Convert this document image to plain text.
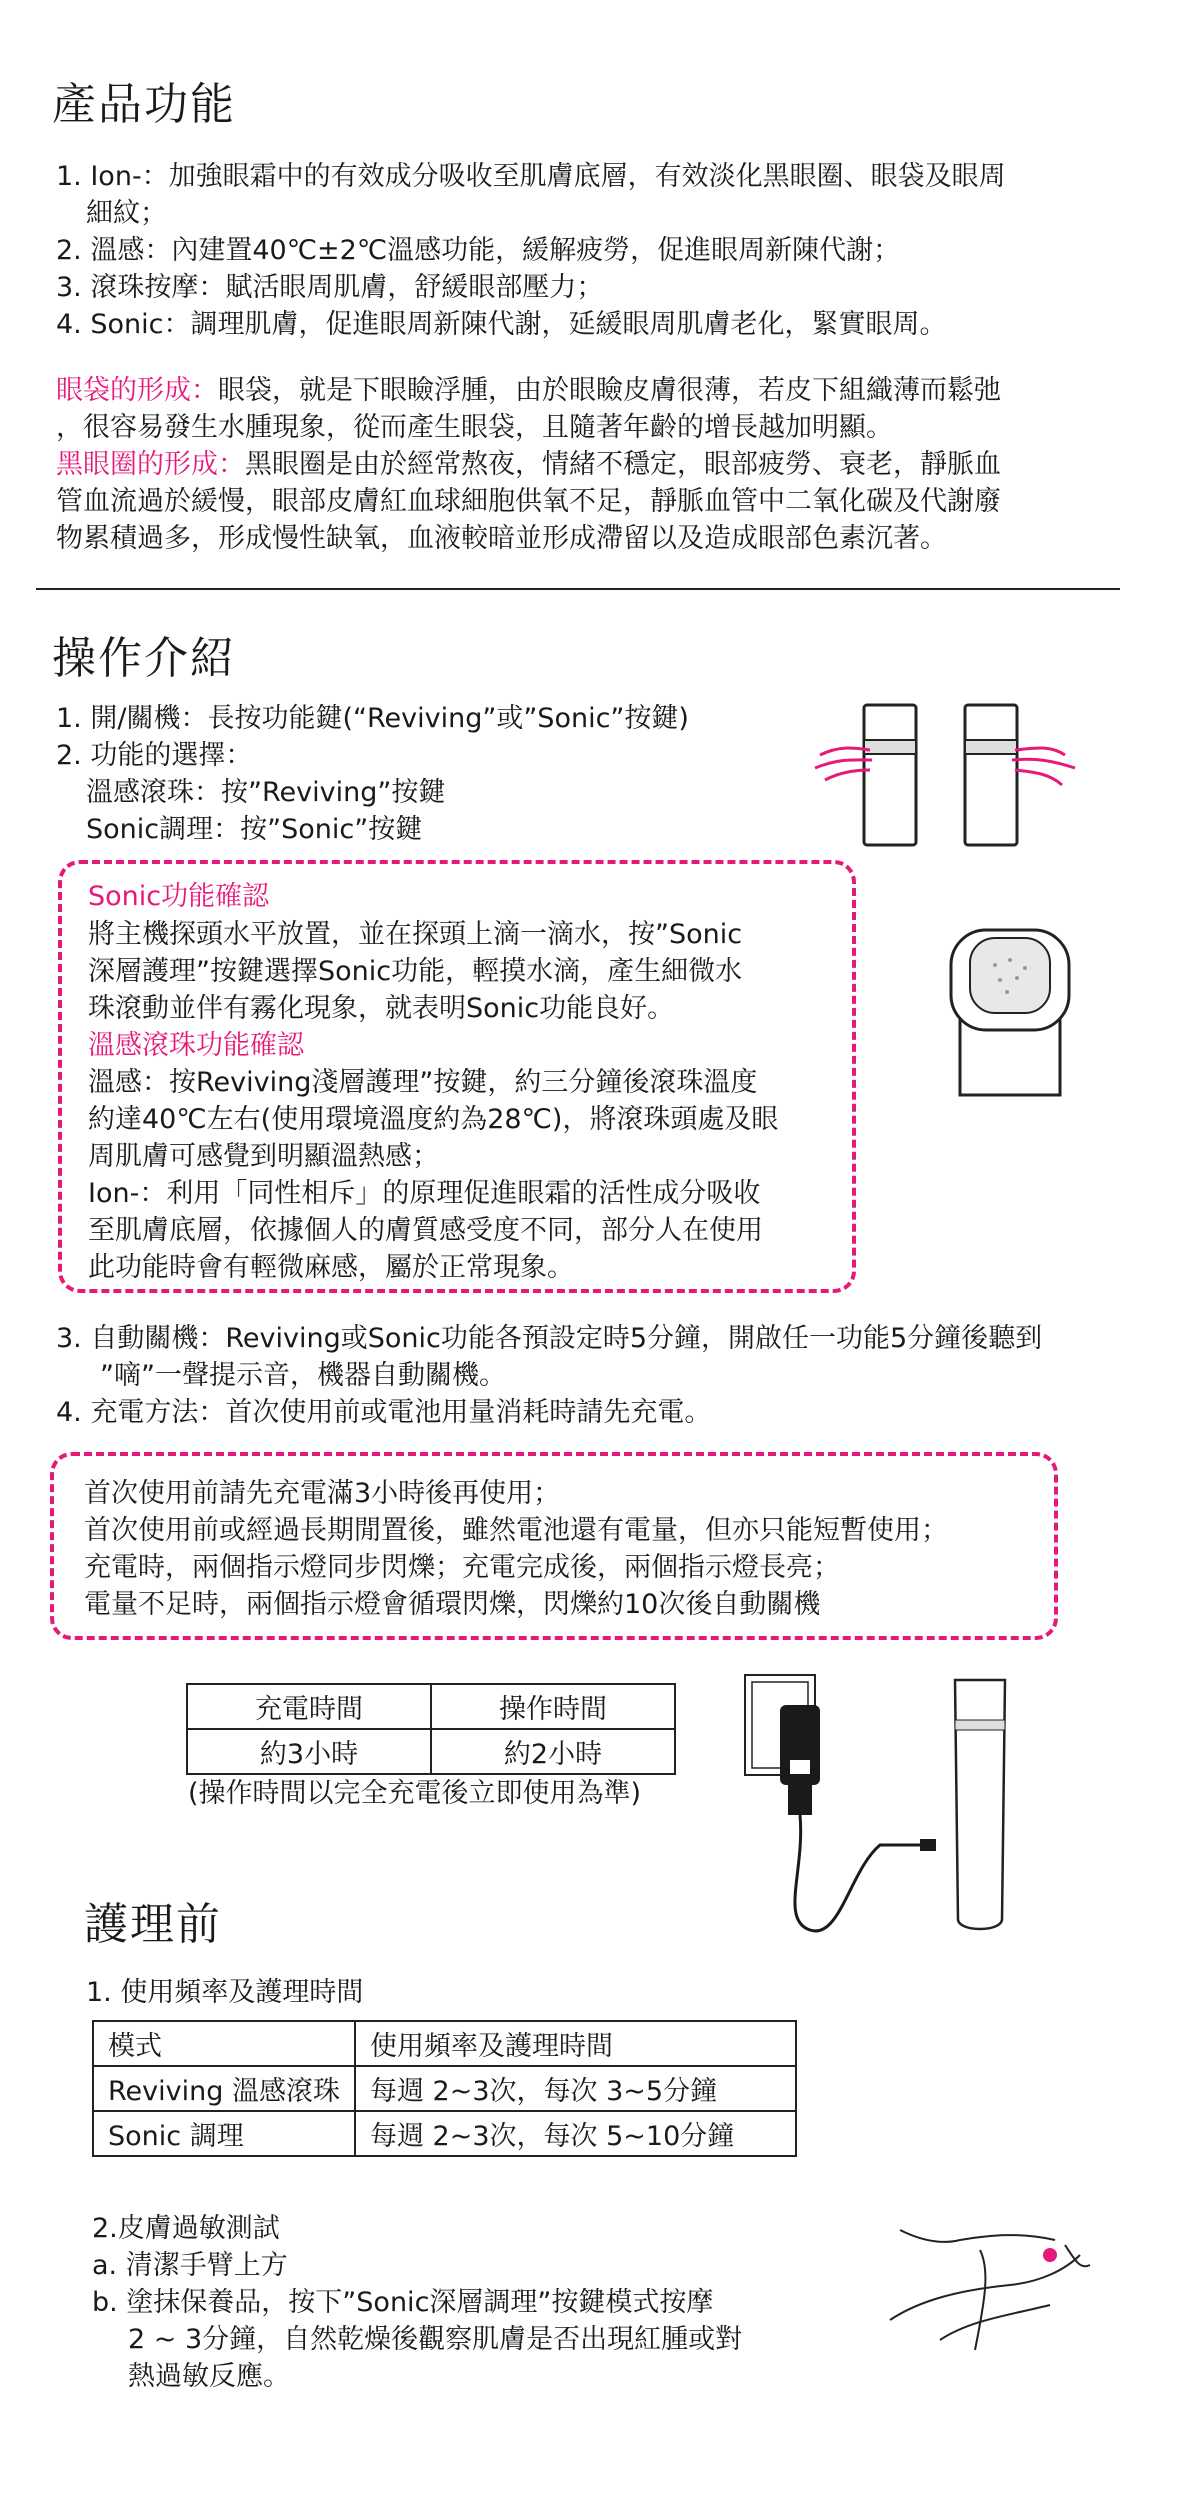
產品功能
1. Ion-：加強眼霜中的有效成分吸收至肌膚底層，有效淡化黑眼圈、眼袋及眼周
細紋；
2. 溫感：內建置40℃±2℃溫感功能，緩解疲勞，促進眼周新陳代謝；
3. 滾珠按摩：賦活眼周肌膚，舒緩眼部壓力；
4. Sonic：調理肌膚，促進眼周新陳代謝，延緩眼周肌膚老化，緊實眼周。
眼袋的形成：眼袋，就是下眼瞼浮腫，由於眼瞼皮膚很薄，若皮下組織薄而鬆弛
，很容易發生水腫現象，從而產生眼袋，且隨著年齡的增長越加明顯。
黑眼圈的形成：黑眼圈是由於經常熬夜，情緒不穩定，眼部疲勞、衰老，靜脈血
管血流過於緩慢，眼部皮膚紅血球細胞供氧不足，靜脈血管中二氧化碳及代謝廢
物累積過多，形成慢性缺氧，血液較暗並形成滯留以及造成眼部色素沉著。
操作介紹
1. 開/關機：長按功能鍵(“Reviving”或”Sonic”按鍵)
2. 功能的選擇：
溫感滾珠：按”Reviving”按鍵
Sonic調理：按”Sonic”按鍵
Sonic功能確認
將主機探頭水平放置，並在探頭上滴一滴水，按”Sonic
深層護理”按鍵選擇Sonic功能，輕摸水滴，產生細微水
珠滾動並伴有霧化現象，就表明Sonic功能良好。
溫感滾珠功能確認
溫感：按Reviving淺層護理”按鍵，約三分鐘後滾珠溫度
約達40℃左右(使用環境溫度約為28℃)，將滾珠頭處及眼
周肌膚可感覺到明顯溫熱感；
Ion-：利用「同性相斥」的原理促進眼霜的活性成分吸收
至肌膚底層，依據個人的膚質感受度不同，部分人在使用
此功能時會有輕微麻感，屬於正常現象。
3. 自動關機：Reviving或Sonic功能各預設定時5分鐘，開啟任一功能5分鐘後聽到
”嘀”一聲提示音，機器自動關機。
4. 充電方法：首次使用前或電池用量消耗時請先充電。
首次使用前請先充電滿3小時後再使用；
首次使用前或經過長期閒置後，雖然電池還有電量，但亦只能短暫使用；
充電時，兩個指示燈同步閃爍；充電完成後，兩個指示燈長亮；
電量不足時，兩個指示燈會循環閃爍，閃爍約10次後自動關機
充電時間	操作時間
約3小時	約2小時
(操作時間以完全充電後立即使用為準)
護理前
1. 使用頻率及護理時間
模式	使用頻率及護理時間
Reviving 溫感滾珠	每週 2~3次，每次 3~5分鐘
Sonic 調理	每週 2~3次，每次 5~10分鐘
2.皮膚過敏測試
a. 清潔手臂上方
b. 塗抹保養品，按下”Sonic深層調理”按鍵模式按摩
2 ~ 3分鐘，自然乾燥後觀察肌膚是否出現紅腫或對
熱過敏反應。
